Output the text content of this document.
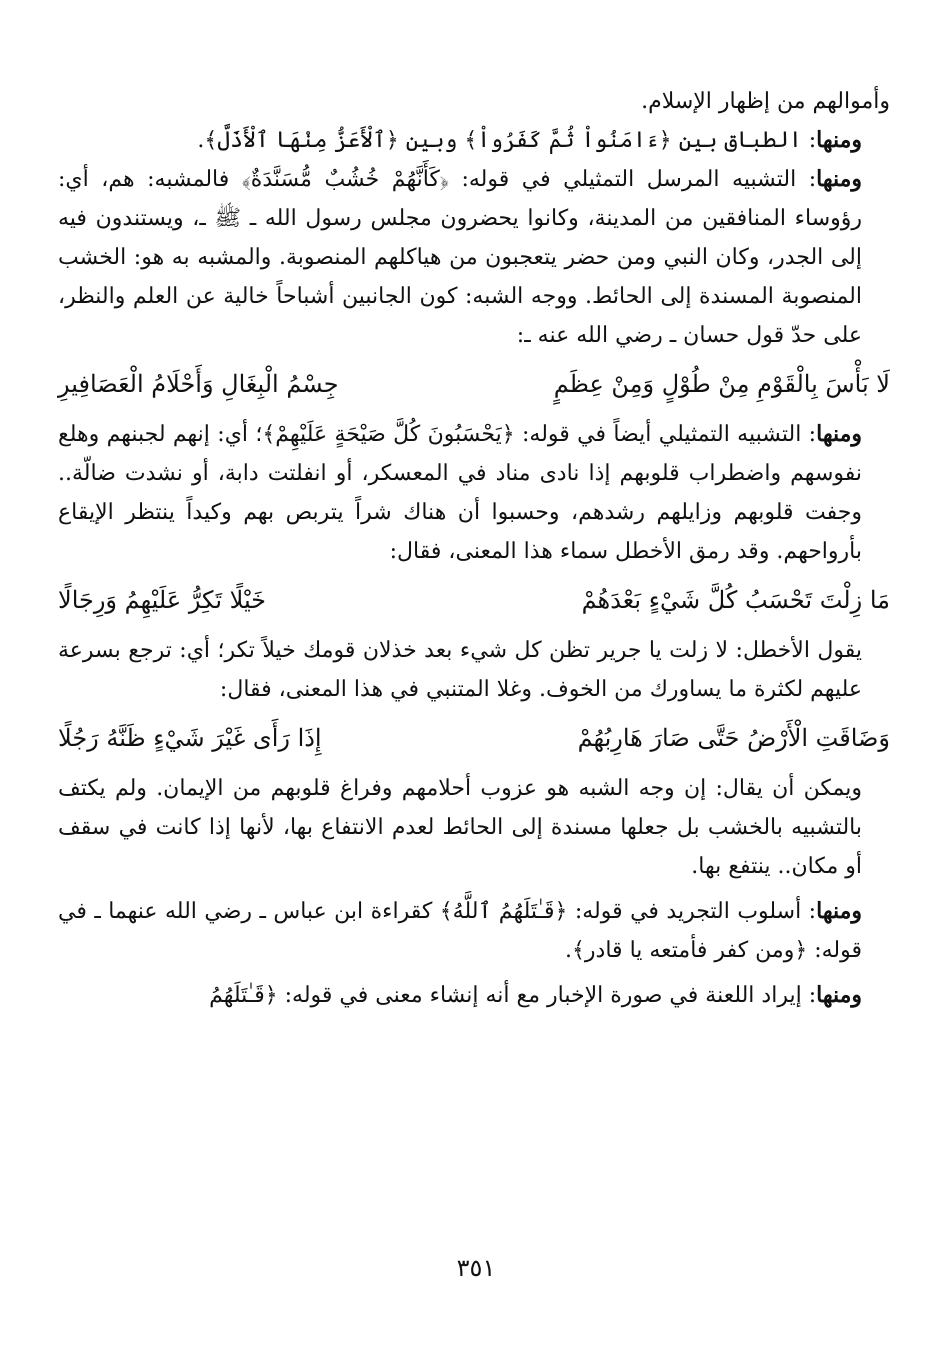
وأموالهم من إظهار الإسلام.

ومنها: الطباق بين ﴿ءَامَنُواْ ثُمَّ كَفَرُواْ﴾ وبين ﴿ٱلْأَعَزُّ مِنْهَا ٱلْأَذَلَّ﴾.

ومنها: التشبيه المرسل التمثيلي في قوله: ﴿كَأَنَّهُمْ خُشُبٌ مُّسَنَّدَةٌ﴾ فالمشبه: هم، أي: رؤوساء المنافقين من المدينة، وكانوا يحضرون مجلس رسول الله ـ ﷺ ـ، ويستندون فيه إلى الجدر، وكان النبي ومن حضر يتعجبون من هياكلهم المنصوبة. والمشبه به هو: الخشب المنصوبة المسندة إلى الحائط. ووجه الشبه: كون الجانبين أشباحاً خالية عن العلم والنظر، على حدّ قول حسان ـ رضي الله عنه ـ:

لَا بَأْسَ بِالْقَوْمِ مِنْ طُوْلٍ وَمِنْ عِظَمٍ
جِسْمُ الْبِغَالِ وَأَحْلَامُ الْعَصَافِيرِ

ومنها: التشبيه التمثيلي أيضاً في قوله: ﴿يَحْسَبُونَ كُلَّ صَيْحَةٍ عَلَيْهِمْ﴾؛ أي: إنهم لجبنهم وهلع نفوسهم واضطراب قلوبهم إذا نادى مناد في المعسكر، أو انفلتت دابة، أو نشدت ضالّة.. وجفت قلوبهم وزايلهم رشدهم، وحسبوا أن هناك شراً يتربص بهم وكيداً ينتظر الإيقاع بأرواحهم. وقد رمق الأخطل سماء هذا المعنى، فقال:

مَا زِلْتَ تَحْسَبُ كُلَّ شَيْءٍ بَعْدَهُمْ
خَيْلًا تَكِرُّ عَلَيْهِمُ وَرِجَالًا

يقول الأخطل: لا زلت يا جرير تظن كل شيء بعد خذلان قومك خيلاً تكر؛ أي: ترجع بسرعة عليهم لكثرة ما يساورك من الخوف. وغلا المتنبي في هذا المعنى، فقال:

وَضَاقَتِ الْأَرْضُ حَتَّى صَارَ هَارِبُهُمْ
إِذَا رَأَى غَيْرَ شَيْءٍ ظَنَّهُ رَجُلًا

ويمكن أن يقال: إن وجه الشبه هو عزوب أحلامهم وفراغ قلوبهم من الإيمان. ولم يكتف بالتشبيه بالخشب بل جعلها مسندة إلى الحائط لعدم الانتفاع بها، لأنها إذا كانت في سقف أو مكان.. ينتفع بها.

ومنها: أسلوب التجريد في قوله: ﴿قَـٰتَلَهُمُ ٱللَّهُ﴾ كقراءة ابن عباس ـ رضي الله عنهما ـ في قوله: ﴿ومن كفر فأمتعه يا قادر﴾.

ومنها: إيراد اللعنة في صورة الإخبار مع أنه إنشاء معنى في قوله: ﴿قَـٰتَلَهُمُ

٣٥١
